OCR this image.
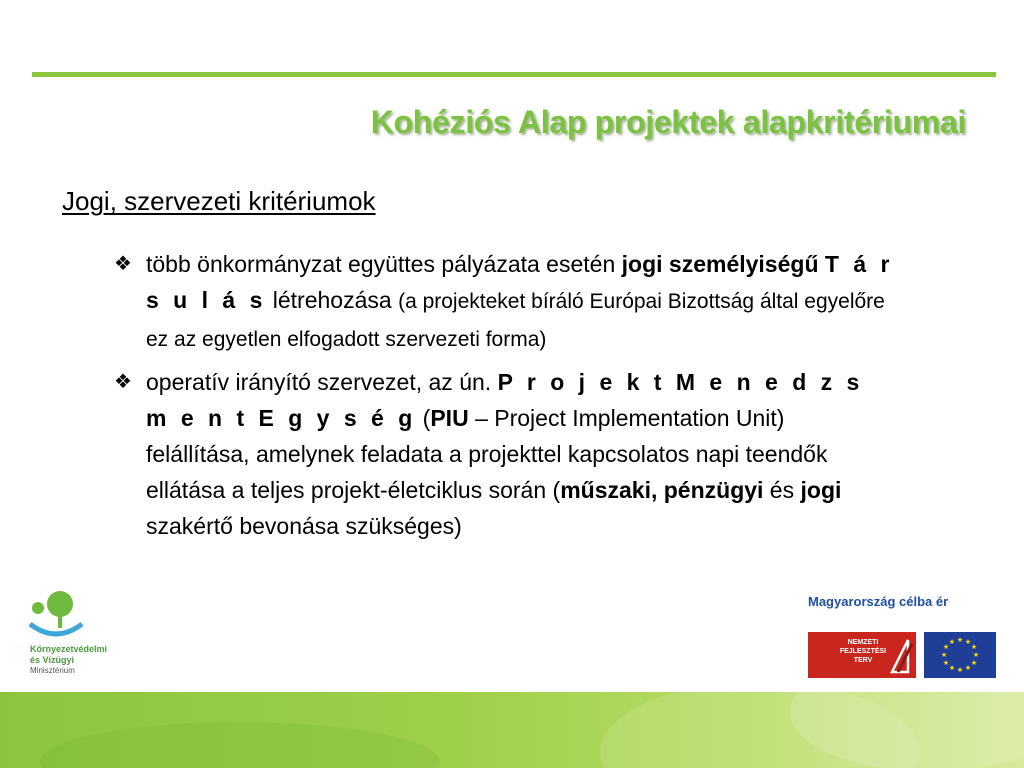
Kohéziós Alap projektek alapkritériumai
Jogi, szervezeti kritériumok
❖ több önkormányzat együttes pályázata esetén jogi személyiségű T á r s u l á s létrehozása (a projekteket bíráló Európai Bizottság által egyelőre ez az egyetlen elfogadott szervezeti forma)
❖ operatív irányító szervezet, az ún. P r o j e k t M e n e d z s m e n t E g y s é g (PIU – Project Implementation Unit) felállítása, amelynek feladata a projekttel kapcsolatos napi teendők ellátása a teljes projekt-életciklus során (műszaki, pénzügyi és jogi szakértő bevonása szükséges)
Környezetvédelmi
és Vízügyi
Minisztérium
Magyarország célba ér
NEMZETI
FEJLESZTÉSI
TERV
★ ★
★
★
★
★
★
★
★
★
★
★
